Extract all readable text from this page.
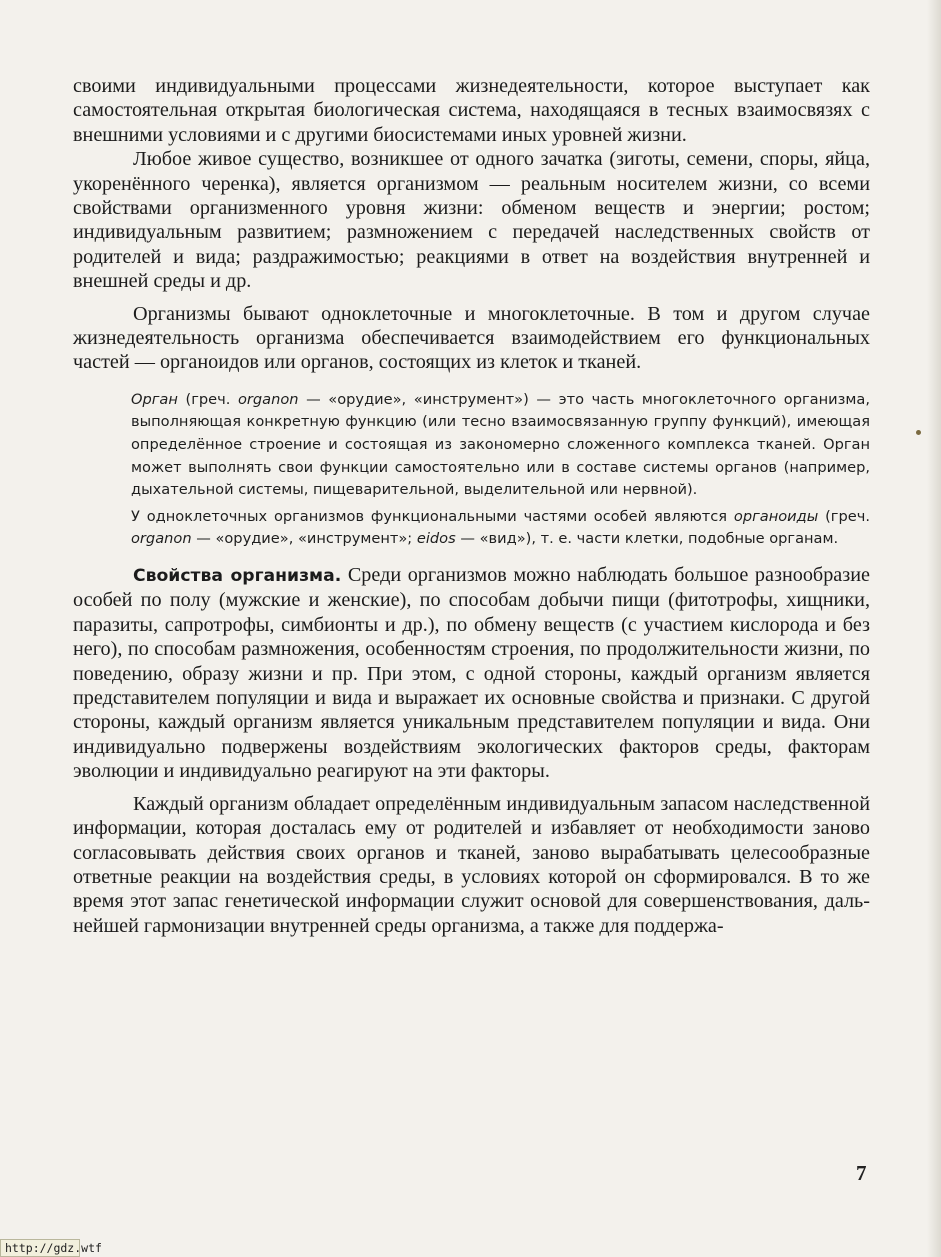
своими индивидуальными процессами жизнедеятельности, которое выступает как самостоятельная открытая биологическая система, находящаяся в тесных взаимосвязях с внешними условиями и с другими биосистемами иных уровней жизни.

Любое живое существо, возникшее от одного зачатка (зиготы, семени, споры, яйца, укоренённого черенка), является организмом — реальным носителем жизни, со всеми свойствами организменного уровня жизни: обменом веществ и энергии; ростом; индивидуальным развитием; размножением с передачей наследственных свойств от родителей и вида; раздражимостью; реакциями в ответ на воздействия внутренней и внешней среды и др.

Организмы бывают одноклеточные и многоклеточные. В том и другом случае жизнедеятельность организма обеспечивается взаимодействием его функциональных частей — органоидов или органов, состоящих из клеток и тканей.

Орган (греч. organon — «орудие», «инструмент») — это часть многоклеточного организма, выполняющая конкретную функцию (или тесно взаимосвязанную группу функций), имеющая определённое строение и состоящая из закономерно сложенного комплекса тканей. Орган может выполнять свои функции самостоятельно или в составе системы органов (например, дыхательной системы, пищеварительной, выделительной или нервной).

У одноклеточных организмов функциональными частями особей являются органоиды (греч. organon — «орудие», «инструмент»; eidos — «вид»), т. е. части клетки, подобные органам.

Свойства организма. Среди организмов можно наблюдать большое разнообразие особей по полу (мужские и женские), по способам добычи пищи (фитотрофы, хищники, паразиты, сапротрофы, симбионты и др.), по обмену веществ (с участием кислорода и без него), по способам размножения, особенностям строения, по продолжительности жизни, по поведению, образу жизни и пр. При этом, с одной стороны, каждый организм является представителем популяции и вида и выражает их основные свойства и признаки. С другой стороны, каждый организм является уникальным представителем популяции и вида. Они индивидуально подвержены воздействиям экологических факторов среды, факторам эволюции и индивидуально реагируют на эти факторы.

Каждый организм обладает определённым индивидуальным запасом наследственной информации, которая досталась ему от родителей и избавляет от необходимости заново согласовывать действия своих органов и тканей, заново вырабатывать целесообразные ответные реакции на воздействия среды, в условиях которой он сформировался. В то же время этот запас генетической информации служит основой для совершенствования, дальнейшей гармонизации внутренней среды организма, а также для поддержа-

7
http://gdz.wtf
